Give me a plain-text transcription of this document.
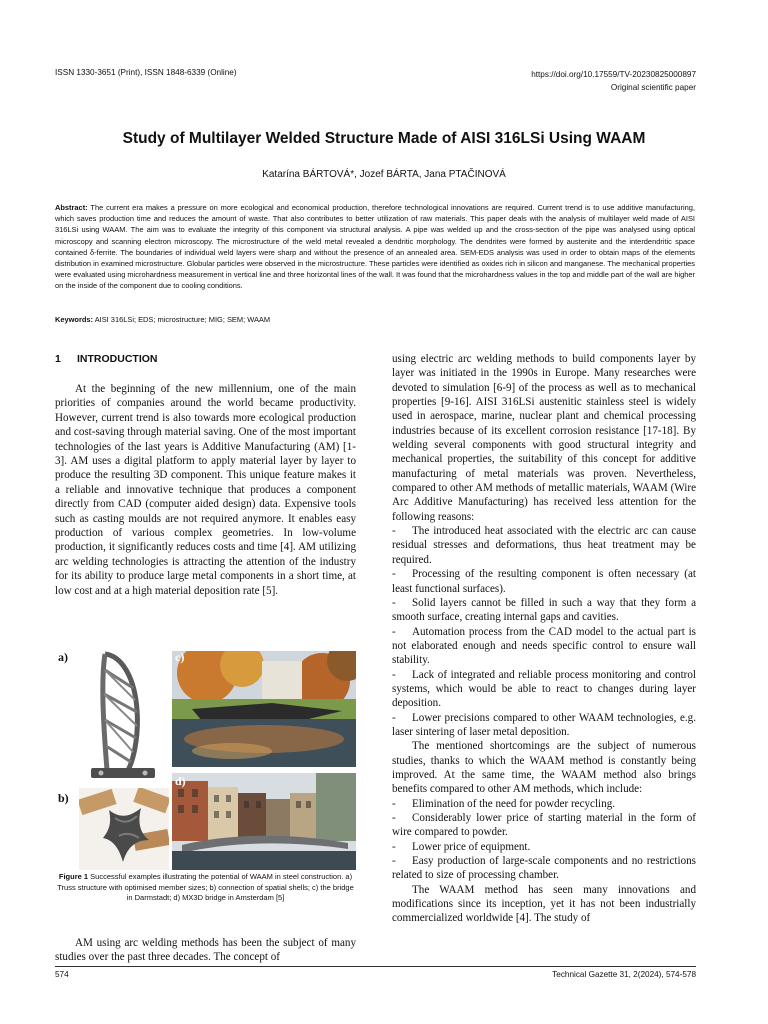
ISSN 1330-3651 (Print), ISSN 1848-6339 (Online)	https://doi.org/10.17559/TV-20230825000897
Original scientific paper
Study of Multilayer Welded Structure Made of AISI 316LSi Using WAAM
Katarína BÁRTOVÁ*, Jozef BÁRTA, Jana PTAČINOVÁ
Abstract: The current era makes a pressure on more ecological and economical production, therefore technological innovations are required. Current trend is to use additive manufacturing, which saves production time and reduces the amount of waste. That also contributes to better utilization of raw materials. This paper deals with the analysis of multilayer weld made of AISI 316LSi using WAAM. The aim was to evaluate the integrity of this component via structural analysis. A pipe was welded up and the cross-section of the pipe was analysed using optical microscopy and scanning electron microscopy. The microstructure of the weld metal revealed a dendritic morphology. The dendrites were formed by austenite and the interdendritic space contained δ-ferrite. The boundaries of individual weld layers were sharp and without the presence of an annealed area. SEM-EDS analysis was used in order to obtain maps of the elements distribution in examined microstructure. Globular particles were observed in the microstructure. These particles were identified as oxides rich in silicon and manganese. The mechanical properties were evaluated using microhardness measurement in vertical line and three horizontal lines of the wall. It was found that the microhardness values in the top and middle part of the wall are higher on the inside of the component due to cooling conditions.
Keywords: AISI 316LSi; EDS; microstructure; MIG; SEM; WAAM
1 INTRODUCTION

At the beginning of the new millennium, one of the main priorities of companies around the world became productivity. However, current trend is also towards more ecological production and cost-saving through material saving. One of the most important technologies of the last years is Additive Manufacturing (AM) [1-3]. AM uses a digital platform to apply material layer by layer to produce the resulting 3D component. This unique feature makes it a reliable and innovative technique that produces a component directly from CAD (computer aided design) data. Expensive tools such as casting moulds are not required anymore. It enables easy production of various complex geometries. In low-volume production, it significantly reduces costs and time [4]. AM utilizing arc welding technologies is attracting the attention of the industry for its ability to produce large metal components in a short time, at low cost and at a high material deposition rate [5].

a)	c)
b)
d)
Figure 1 Successful examples illustrating the potential of WAAM in steel construction. a) Truss structure with optimised member sizes; b) connection of spatial shells; c) the bridge in Darmstadt; d) MX3D bridge in Amsterdam [5]

AM using arc welding methods has been the subject of many studies over the past three decades. The concept of

using electric arc welding methods to build components layer by layer was initiated in the 1990s in Europe. Many researches were devoted to simulation [6-9] of the process as well as to mechanical properties [9-16]. AISI 316LSi austenitic stainless steel is widely used in aerospace, marine, nuclear plant and chemical processing industries because of its excellent corrosion resistance [17-18]. By welding several components with good structural integrity and mechanical properties, the suitability of this concept for additive manufacturing of metal materials was proven. Nevertheless, compared to other AM methods of metallic materials, WAAM (Wire Arc Additive Manufacturing) has received less attention for the following reasons:

- The introduced heat associated with the electric arc can cause residual stresses and deformations, thus heat treatment may be required.

- Processing of the resulting component is often necessary (at least functional surfaces).

- Solid layers cannot be filled in such a way that they form a smooth surface, creating internal gaps and cavities.

- Automation process from the CAD model to the actual part is not elaborated enough and needs specific control to ensure wall stability.

- Lack of integrated and reliable process monitoring and control systems, which would be able to react to changes during layer deposition.

- Lower precisions compared to other WAAM technologies, e.g. laser sintering of laser metal deposition.

The mentioned shortcomings are the subject of numerous studies, thanks to which the WAAM method is constantly being improved. At the same time, the WAAM method also brings benefits compared to other AM methods, which include:

- Elimination of the need for powder recycling.

- Considerably lower price of starting material in the form of wire compared to powder.

- Lower price of equipment.

- Easy production of large-scale components and no restrictions related to size of processing chamber.

The WAAM method has seen many innovations and modifications since its inception, yet it has not been industrially commercialized worldwide [4]. The study of

574	Technical Gazette 31, 2(2024), 574-578
